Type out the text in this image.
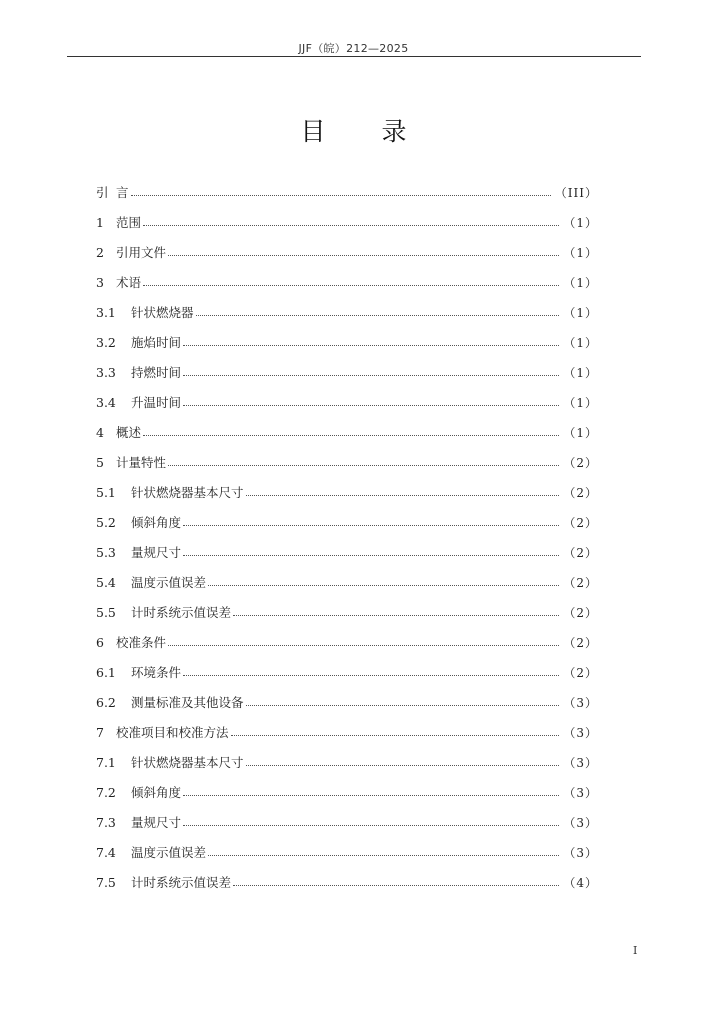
JJF（皖）212—2025
目 录
引 言	（III）
1 范围	（1）
2 引用文件	（1）
3 术语	（1）
3.1	针状燃烧器	（1）
3.2	施焰时间	（1）
3.3	持燃时间	（1）
3.4	升温时间	（1）
4 概述	（1）
5 计量特性	（2）
5.1	针状燃烧器基本尺寸	（2）
5.2	倾斜角度	（2）
5.3	量规尺寸	（2）
5.4	温度示值误差	（2）
5.5	计时系统示值误差	（2）
6 校准条件	（2）
6.1	环境条件	（2）
6.2	测量标准及其他设备	（3）
7 校准项目和校准方法	（3）
7.1	针状燃烧器基本尺寸	（3）
7.2	倾斜角度	（3）
7.3	量规尺寸	（3）
7.4	温度示值误差	（3）
7.5	计时系统示值误差	（4）
I
